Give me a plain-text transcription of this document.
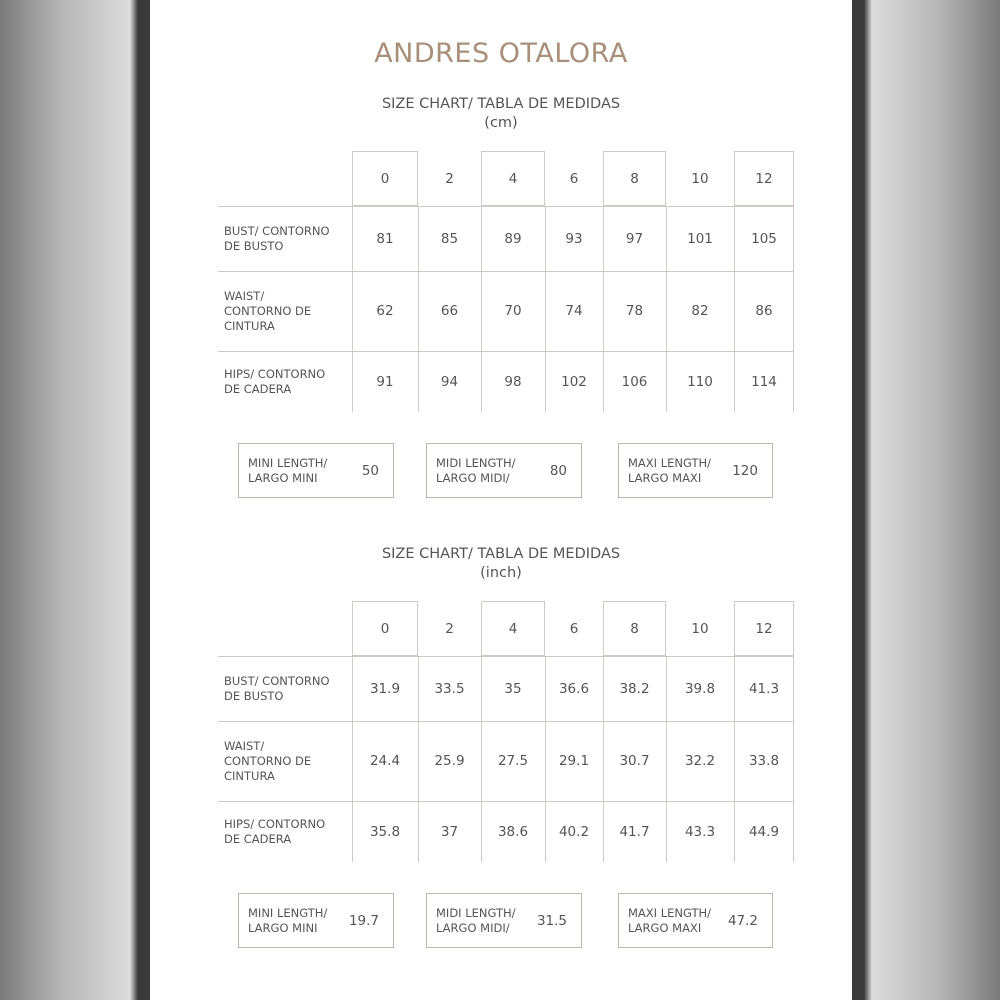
ANDRES OTALORA
SIZE CHART/ TABLA DE MEDIDAS
(cm)
0	2	4	6	8	10	12
BUST/ CONTORNO
DE BUSTO	81	85	89	93	97	101	105
WAIST/
CONTORNO DE
CINTURA
62	66	70	74	78	82	86
HIPS/ CONTORNO
DE CADERA	91	94	98	102	106	110	114
MINI LENGTH/
LARGO MINI	50	MIDI LENGTH/
LARGO MIDI/	80	MAXI LENGTH/
LARGO MAXI	120
SIZE CHART/ TABLA DE MEDIDAS
(inch)
0	2	4	6	8	10	12
BUST/ CONTORNO
DE BUSTO	31.9	33.5	35	36.6	38.2	39.8	41.3
WAIST/
CONTORNO DE
CINTURA
24.4	25.9	27.5	29.1	30.7	32.2	33.8
HIPS/ CONTORNO
DE CADERA	35.8	37	38.6	40.2	41.7	43.3	44.9
MINI LENGTH/
LARGO MINI	19.7	MIDI LENGTH/
LARGO MIDI/	31.5	MAXI LENGTH/
LARGO MAXI	47.2
